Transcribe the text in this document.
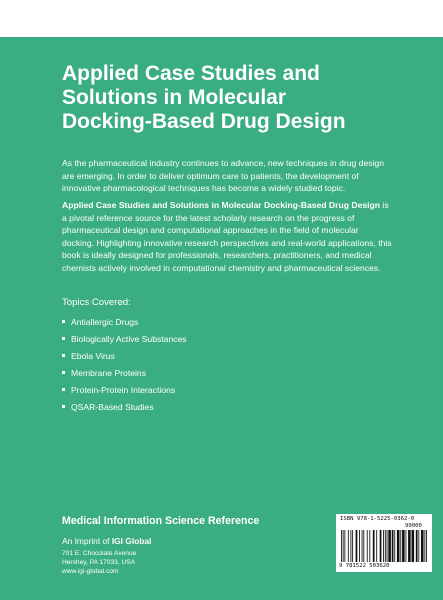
Applied Case Studies and
Solutions in Molecular
Docking-Based Drug Design

As the pharmaceutical industry continues to advance, new techniques in drug design are emerging. In order to deliver optimum care to patients, the development of innovative pharmacological techniques has become a widely studied topic.

Applied Case Studies and Solutions in Molecular Docking-Based Drug Design is a pivotal reference source for the latest scholarly research on the progress of pharmaceutical design and computational approaches in the field of molecular docking. Highlighting innovative research perspectives and real-world applications, this book is ideally designed for professionals, researchers, practitioners, and medical chemists actively involved in computational chemistry and pharmaceutical sciences.

Topics Covered:

Antiallergic Drugs
Biologically Active Substances
Ebola Virus
Membrane Proteins
Protein-Protein Interactions
QSAR-Based Studies

Medical Information Science Reference

An Imprint of IGI Global
701 E. Chocolate Avenue
Hershey, PA 17033, USA
www.igi-global.com
ISBN 978-1-5225-0362-0
90000
9 781522 503620
